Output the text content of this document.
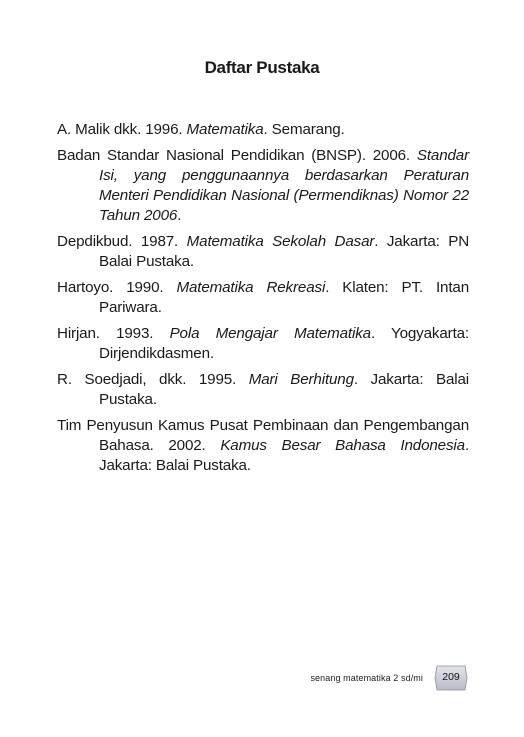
Daftar Pustaka
A. Malik dkk. 1996. Matematika. Semarang.
Badan Standar Nasional Pendidikan (BNSP). 2006. Standar Isi, yang penggunaannya berdasarkan Peraturan Menteri Pendidikan Nasional (Permendiknas) Nomor 22 Tahun 2006.
Depdikbud. 1987. Matematika Sekolah Dasar. Jakarta: PN Balai Pustaka.
Hartoyo. 1990. Matematika Rekreasi. Klaten: PT. Intan Pariwara.
Hirjan. 1993. Pola Mengajar Matematika. Yogyakarta: Dirjendikdasmen.
R. Soedjadi, dkk. 1995. Mari Berhitung. Jakarta: Balai Pustaka.
Tim Penyusun Kamus Pusat Pembinaan dan Pengembangan Bahasa. 2002. Kamus Besar Bahasa Indonesia. Jakarta: Balai Pustaka.
senang matematika 2 sd/mi	209
